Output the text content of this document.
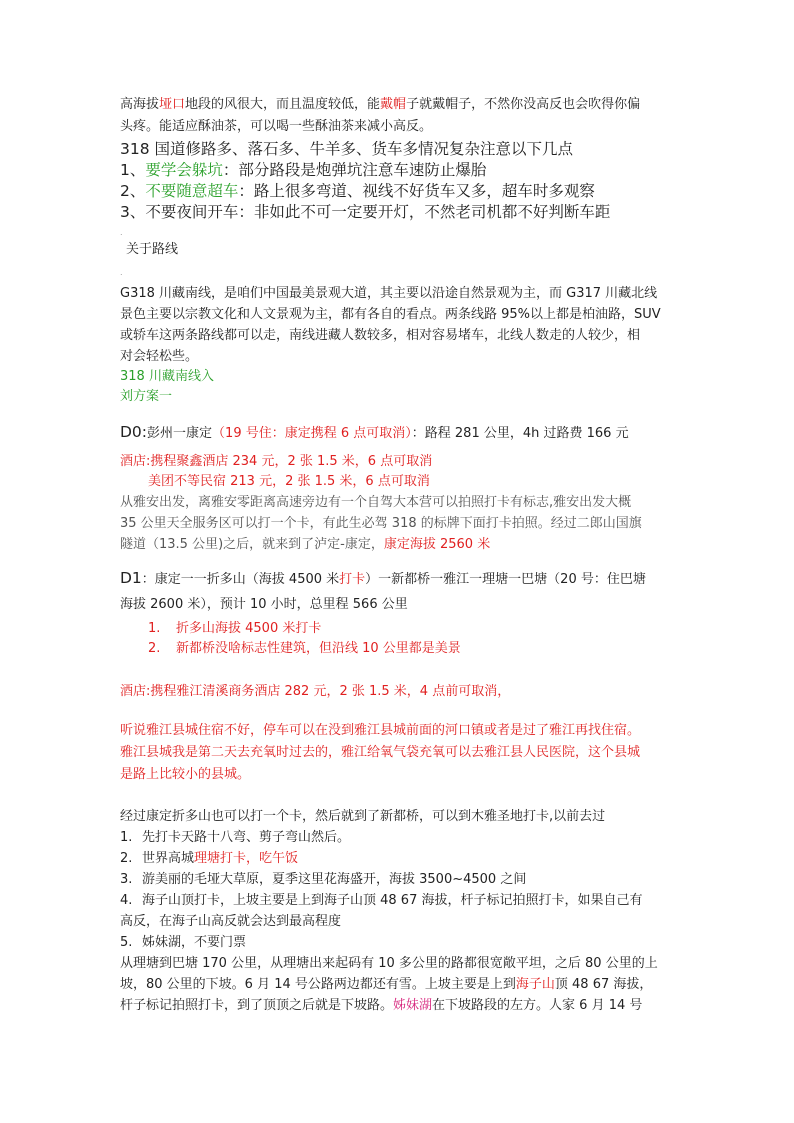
高海拔垭口地段的风很大，而且温度较低，能戴帽子就戴帽子，不然你没高反也会吹得你偏
头疼。能适应酥油茶，可以喝一些酥油茶来减小高反。
318 国道修路多、落石多、牛羊多、货车多情况复杂注意以下几点
1、要学会躲坑：部分路段是炮弹坑注意车速防止爆胎
2、不要随意超车：路上很多弯道、视线不好货车又多，超车时多观察
3、不要夜间开车：非如此不可一定要开灯，不然老司机都不好判断车距
.
关于路线
.
G318 川藏南线，是咱们中国最美景观大道，其主要以沿途自然景观为主，而 G317 川藏北线
景色主要以宗教文化和人文景观为主，都有各自的看点。两条线路 95%以上都是柏油路，SUV
或轿车这两条路线都可以走，南线进藏人数较多，相对容易堵车，北线人数走的人较少，相
对会轻松些。
318 川藏南线入
刘方案一
D0:彭州一康定（19 号住：康定携程 6 点可取消）：路程 281 公里，4h 过路费 166 元
酒店:携程聚鑫酒店 234 元，2 张 1.5 米，6 点可取消
美团不等民宿 213 元，2 张 1.5 米，6 点可取消
从雅安出发，离雅安零距离高速旁边有一个自驾大本营可以拍照打卡有标志,雅安出发大概
35 公里天全服务区可以打一个卡，有此生必驾 318 的标牌下面打卡拍照。经过二郎山国旗
隧道（13.5 公里)之后，就来到了泸定-康定，康定海拔 2560 米
D1：康定一一折多山（海拔 4500 米打卡）一新都桥一雅江一理塘一巴塘（20 号：住巴塘
海拔 2600 米），预计 10 小时，总里程 566 公里
1. 折多山海拔 4500 米打卡
2. 新都桥没啥标志性建筑，但沿线 10 公里都是美景
酒店:携程雅江清溪商务酒店 282 元，2 张 1.5 米，4 点前可取消，
听说雅江县城住宿不好，停车可以在没到雅江县城前面的河口镇或者是过了雅江再找住宿。
雅江县城我是第二天去充氧时过去的，雅江给氧气袋充氧可以去雅江县人民医院，这个县城
是路上比较小的县城。
经过康定折多山也可以打一个卡，然后就到了新都桥，可以到木雅圣地打卡,以前去过
1. 先打卡天路十八弯、剪子弯山然后。
2. 世界高城理塘打卡，吃午饭
3. 游美丽的毛垭大草原，夏季这里花海盛开，海拔 3500~4500 之间
4. 海子山顶打卡，上坡主要是上到海子山顶 48 67 海拔，杆子标记拍照打卡，如果自己有
高反，在海子山高反就会达到最高程度
5. 姊妹湖，不要门票
从理塘到巴塘 170 公里，从理塘出来起码有 10 多公里的路都很宽敞平坦，之后 80 公里的上
坡，80 公里的下坡。6 月 14 号公路两边都还有雪。上坡主要是上到海子山顶 48 67 海拔，
杆子标记拍照打卡，到了顶顶之后就是下坡路。姊妹湖在下坡路段的左方。人家 6 月 14 号
